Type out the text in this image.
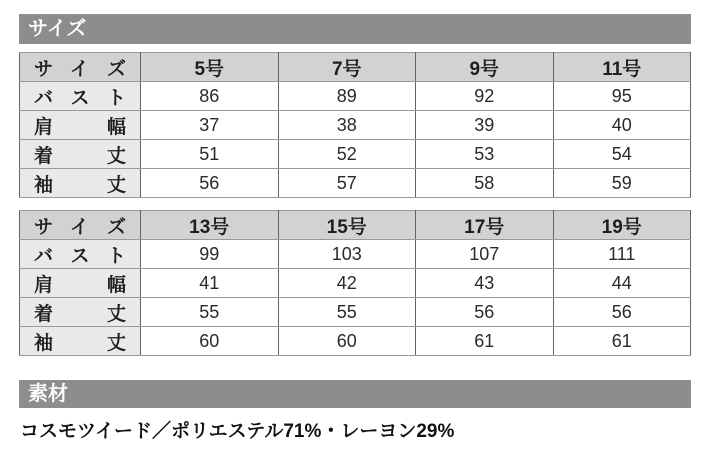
サイズ
サイズ	5号	7号	9号	11号
バスト	86	89	92	95
肩幅	37	38	39	40
着丈	51	52	53	54
袖丈	56	57	58	59
サイズ	13号	15号	17号	19号
バスト	99	103	107	111
肩幅	41	42	43	44
着丈	55	55	56	56
袖丈	60	60	61	61
素材
コスモツイード／ポリエステル71%・レーヨン29%
